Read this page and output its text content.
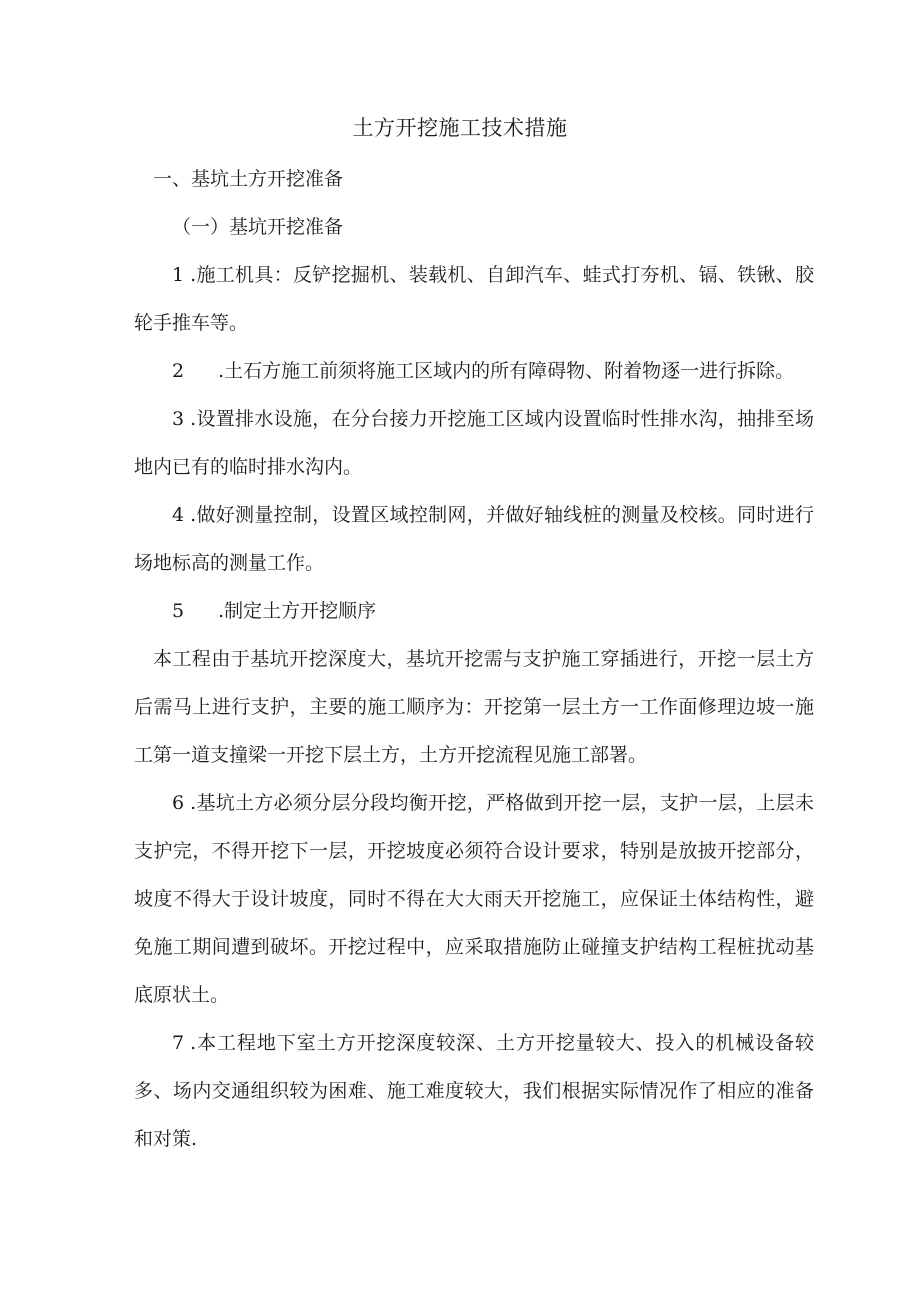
土方开挖施工技术措施

一、基坑土方开挖准备

（一）基坑开挖准备

1 .施工机具：反铲挖掘机、装载机、自卸汽车、蛙式打夯机、镉、铁锹、胶轮手推车等。

2 .土石方施工前须将施工区域内的所有障碍物、附着物逐一进行拆除。

3 .设置排水设施，在分台接力开挖施工区域内设置临时性排水沟，抽排至场地内已有的临时排水沟内。

4 .做好测量控制，设置区域控制网，并做好轴线桩的测量及校核。同时进行场地标高的测量工作。

5 .制定土方开挖顺序

本工程由于基坑开挖深度大，基坑开挖需与支护施工穿插进行，开挖一层土方后需马上进行支护，主要的施工顺序为：开挖第一层土方一工作面修理边坡一施工第一道支撞梁一开挖下层土方，土方开挖流程见施工部署。

6 .基坑土方必须分层分段均衡开挖，严格做到开挖一层，支护一层，上层未支护完，不得开挖下一层，开挖坡度必须符合设计要求，特别是放披开挖部分，坡度不得大于设计坡度，同时不得在大大雨天开挖施工，应保证土体结构性，避免施工期间遭到破坏。开挖过程中，应采取措施防止碰撞支护结构工程桩扰动基底原状土。

7 .本工程地下室土方开挖深度较深、土方开挖量较大、投入的机械设备较多、场内交通组织较为困难、施工难度较大，我们根据实际情况作了相应的准备和对策.
